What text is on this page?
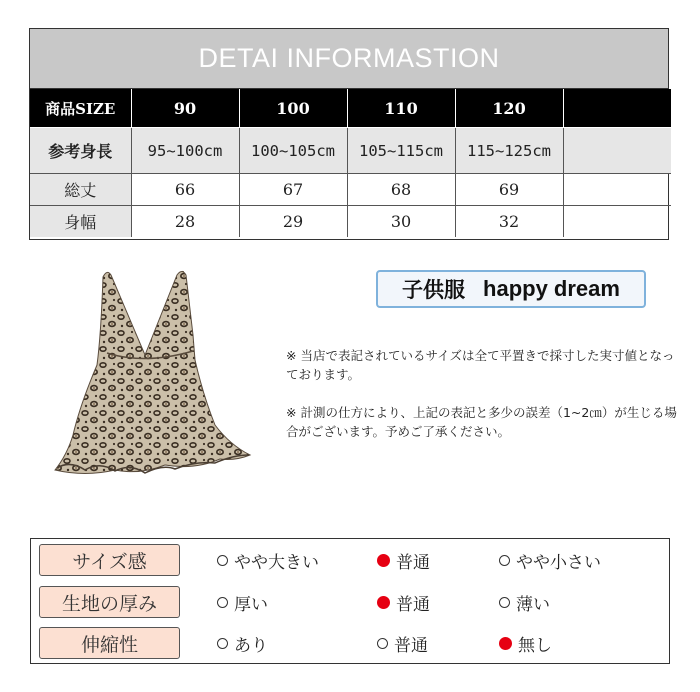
DETAI INFORMASTION
商品SIZE	90	100	110	120	
参考身長	95~100cm	100~105cm	105~115cm	115~125cm	
総丈	66	67	68	69	
身幅	28	29	30	32	
子供服 happy dream
※ 当店で表記されているサイズは全て平置きで採寸した実寸値となっております。
※ 計測の仕方により、上記の表記と多少の誤差（1~2㎝）が生じる場合がございます。予めご了承ください。
サイズ感	やや大きい	普通	やや小さい
生地の厚み	厚い	普通	薄い
伸縮性	あり	普通	無し
